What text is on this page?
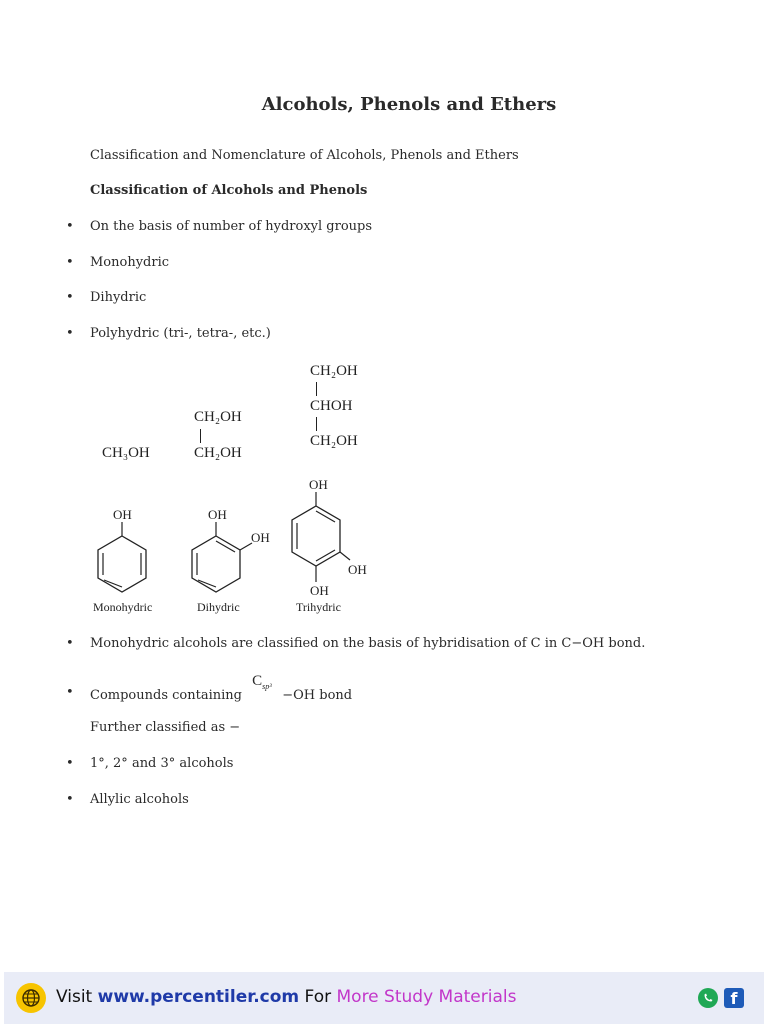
Alcohols, Phenols and Ethers
Classification and Nomenclature of Alcohols, Phenols and Ethers
Classification of Alcohols and Phenols
• On the basis of number of hydroxyl groups
• Monohydric
• Dihydric
• Polyhydric (tri-, tetra-, etc.)
CH₃OH
CH₂OH
CH₂OH
CH₂OH
CHOH
CH₂OH
OH
Monohydric
OH
OH
Dihydric
OH
OH
OH
Trihydric
• Monohydric alcohols are classified on the basis of hybridisation of C in C−OH bond.
• Compounds containing
C sp³
−OH bond
Further classified as −
• 1°, 2° and 3° alcohols
• Allylic alcohols
Visit www.percentiler.com For More Study Materials	f
